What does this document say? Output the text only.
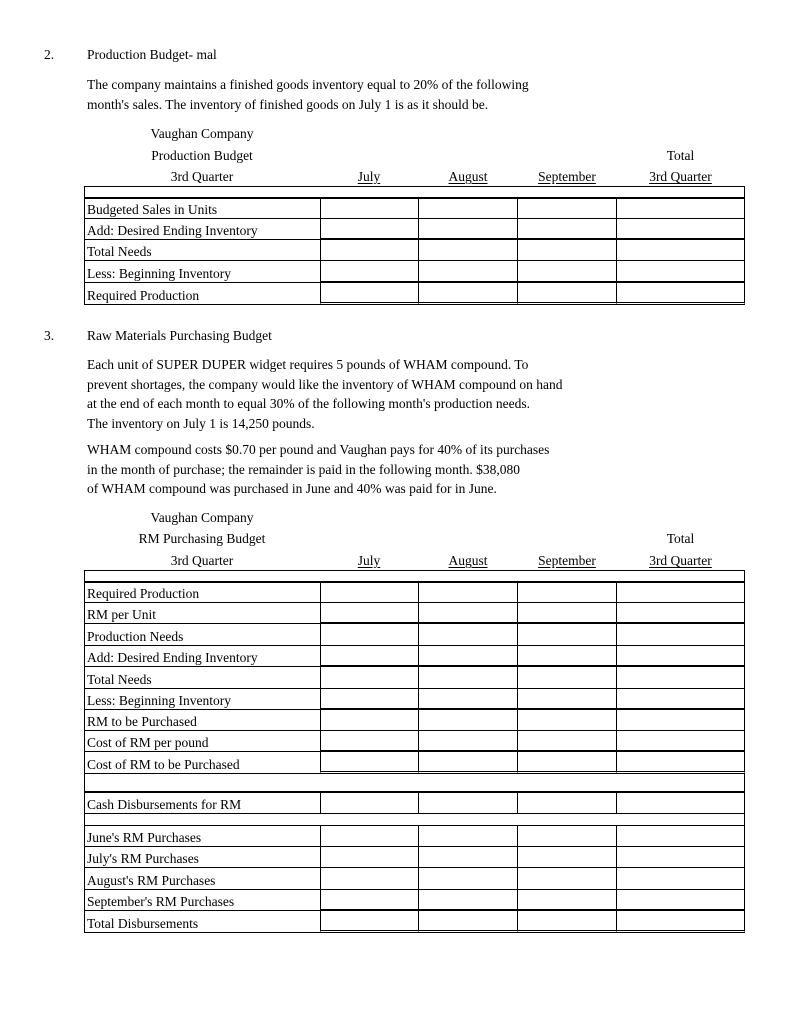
2. Production Budget- mal
The company maintains a finished goods inventory equal to 20% of the following
month's sales. The inventory of finished goods on July 1 is as it should be.
Vaughan Company
Production Budget
3rd Quarter
Total
July	August	September	3rd Quarter
Budgeted Sales in Units
Add: Desired Ending Inventory
Total Needs
Less: Beginning Inventory
Required Production
3. Raw Materials Purchasing Budget
Each unit of SUPER DUPER widget requires 5 pounds of WHAM compound. To
prevent shortages, the company would like the inventory of WHAM compound on hand
at the end of each month to equal 30% of the following month's production needs.
The inventory on July 1 is 14,250 pounds.
WHAM compound costs $0.70 per pound and Vaughan pays for 40% of its purchases
in the month of purchase; the remainder is paid in the following month. $38,080
of WHAM compound was purchased in June and 40% was paid for in June.
Vaughan Company
RM Purchasing Budget
3rd Quarter
Total
July	August	September	3rd Quarter
Required Production
RM per Unit
Production Needs
Add: Desired Ending Inventory
Total Needs
Less: Beginning Inventory
RM to be Purchased
Cost of RM per pound
Cost of RM to be Purchased
Cash Disbursements for RM
June's RM Purchases
July's RM Purchases
August's RM Purchases
September's RM Purchases
Total Disbursements
